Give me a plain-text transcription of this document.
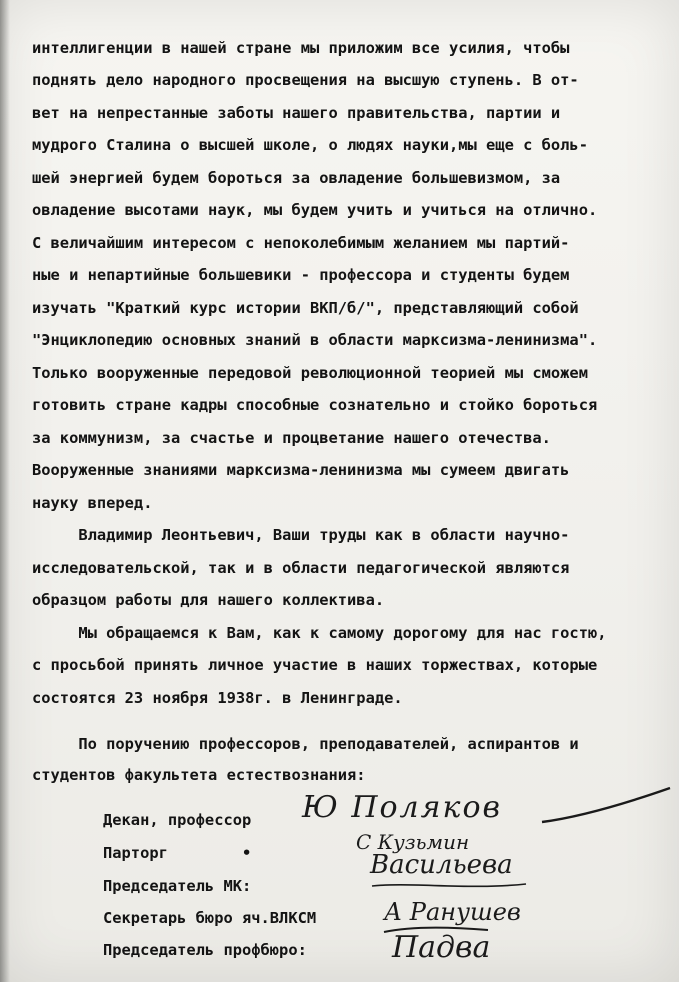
интеллигенции в нашей стране мы приложим все усилия, чтобы
поднять дело народного просвещения на высшую ступень. В от-
вет на непрестанные заботы нашего правительства, партии и
мудрого Сталина о высшей школе, о людях науки,мы еще с боль-
шей энергией будем бороться за овладение большевизмом, за
овладение высотами наук, мы будем учить и учиться на отлично.
С величайшим интересом с непоколебимым желанием мы партий-
ные и непартийные большевики - профессора и студенты будем
изучать "Краткий курс истории ВКП/б/", представляющий собой
"Энциклопедию основных знаний в области марксизма-ленинизма".
Только вооруженные передовой революционной теорией мы сможем
готовить стране кадры способные сознательно и стойко бороться
за коммунизм, за счастье и процветание нашего отечества.
Вооруженные знаниями марксизма-ленинизма мы сумеем двигать
науку вперед.
Владимир Леонтьевич, Ваши труды как в области научно-
исследовательской, так и в области педагогической являются
образцом работы для нашего коллектива.
Мы обращаемся к Вам, как к самому дорогому для нас гостю,
с просьбой принять личное участие в наших торжествах, которые
состоятся 23 ноября 1938г. в Ленинграде.
По поручению профессоров, преподавателей, аспирантов и
студентов факультета естествознания:
Декан, профессор
Парторг	•
Председатель МК:
Секретарь бюро яч.ВЛКСМ
Председатель профбюро:
Ю Поляков
С Кузьмин
Васильева
А Ранушев
Падва
